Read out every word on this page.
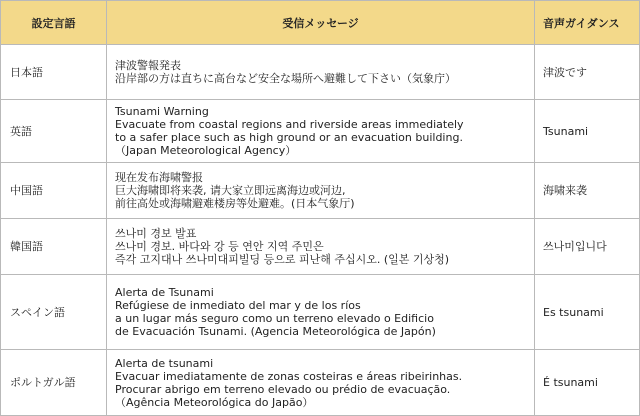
設定言語	受信メッセージ	音声ガイダンス
日本語	津波警報発表
沿岸部の方は直ちに高台など安全な場所へ避難して下さい（気象庁）	津波です
英語	Tsunami Warning
Evacuate from coastal regions and riverside areas immediately
to a safer place such as high ground or an evacuation building.
（Japan Meteorological Agency）	Tsunami
中国語	现在发布海啸警报
巨大海啸即将来袭, 请大家立即远离海边或河边,
前往高处或海啸避难楼房等处避难。(日本气象厅)	海啸来袭
韓国語	쓰나미 경보 발표
쓰나미 경보. 바다와 강 등 연안 지역 주민은
즉각 고지대나 쓰나미대피빌딩 등으로 피난해 주십시오. (일본 기상청)	쓰나미입니다
スペイン語	Alerta de Tsunami
Refúgiese de inmediato del mar y de los ríos
a un lugar más seguro como un terreno elevado o Edificio
de Evacuación Tsunami. (Agencia Meteorológica de Japón)	Es tsunami
ポルトガル語	Alerta de tsunami
Evacuar imediatamente de zonas costeiras e áreas ribeirinhas.
Procurar abrigo em terreno elevado ou prédio de evacuação.
（Agência Meteorológica do Japão）	É tsunami
